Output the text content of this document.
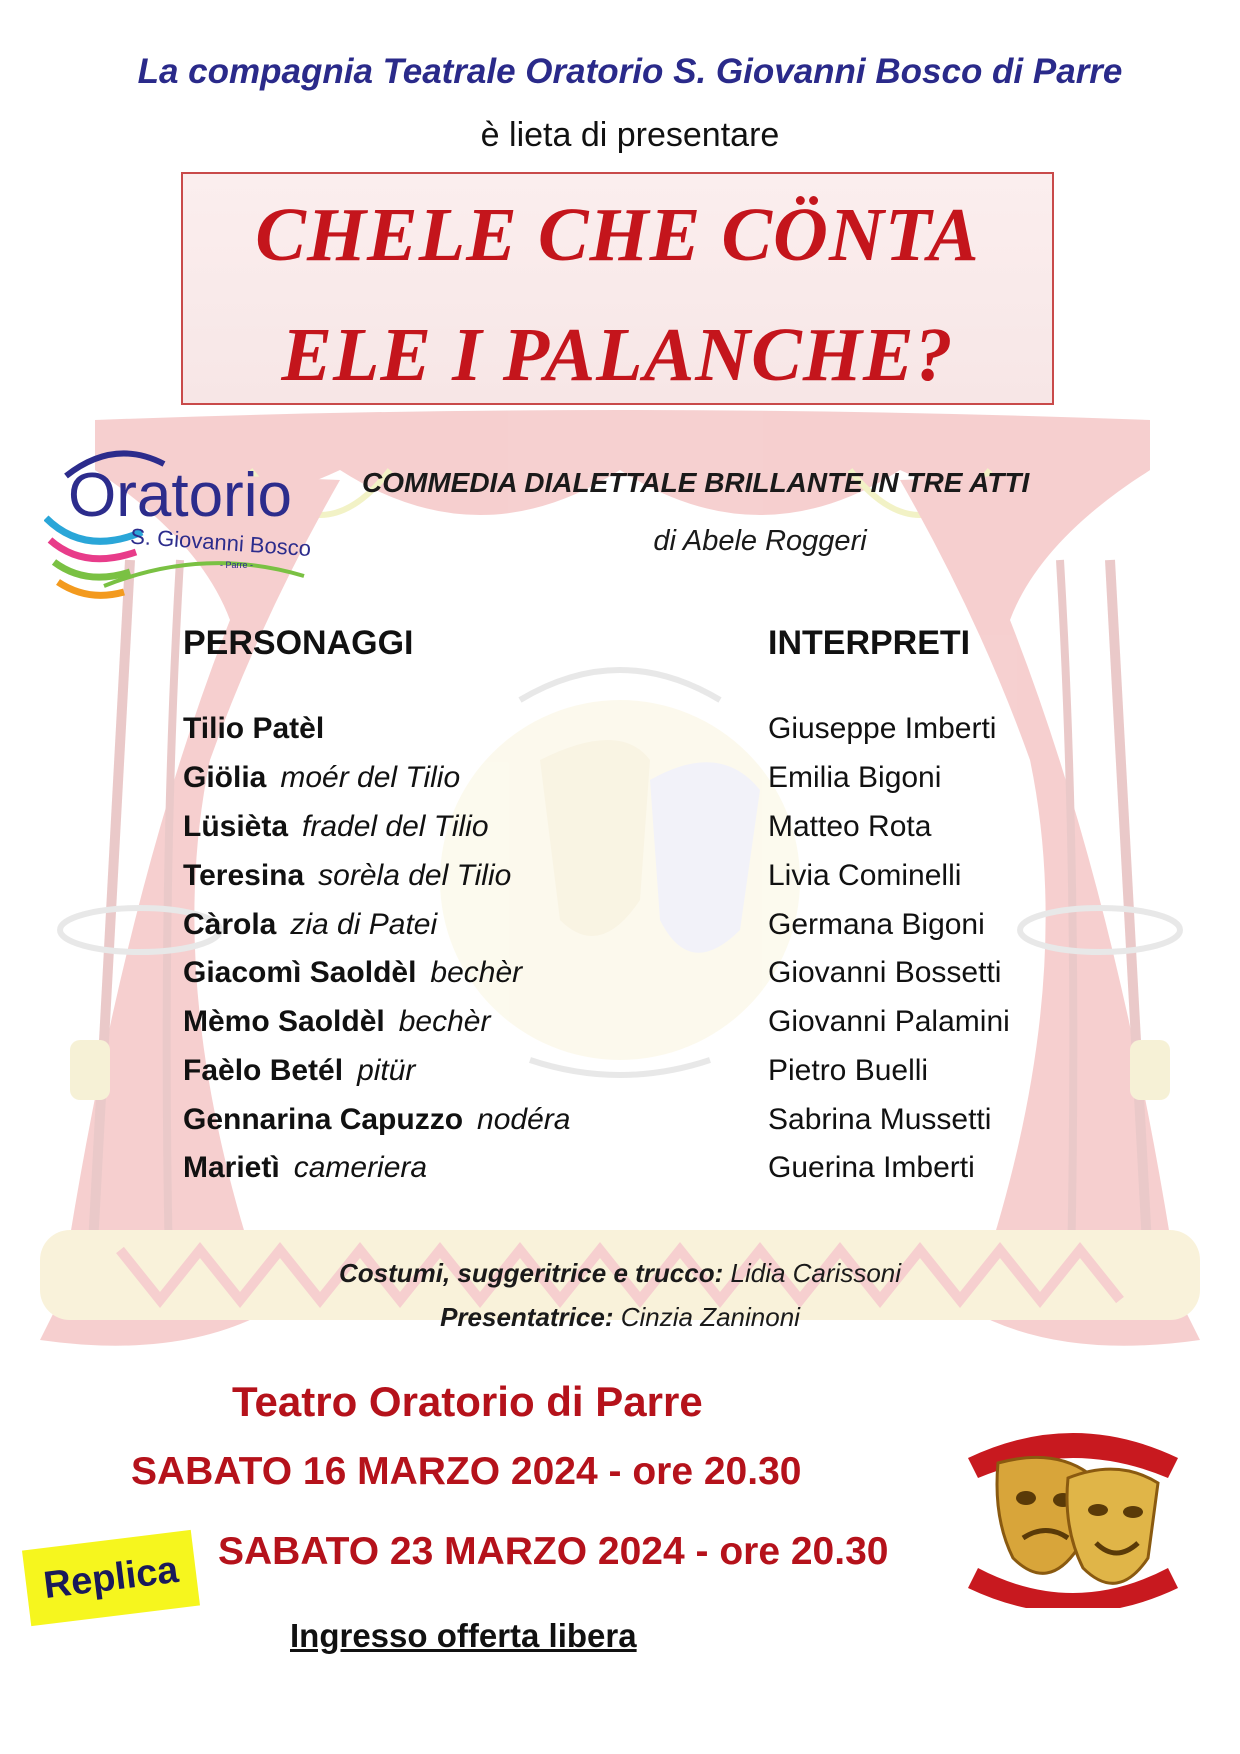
La compagnia Teatrale Oratorio S. Giovanni Bosco di Parre
è lieta di presentare
CHELE CHE CÖNTA
ELE I PALANCHE?
Oratorio
S. Giovanni Bosco
- Parre -
COMMEDIA DIALETTALE BRILLANTE IN TRE ATTI
di Abele Roggeri
PERSONAGGI	INTERPRETI
Tilio Patèl	Giuseppe Imberti
Giölia moér del Tilio	Emilia Bigoni
Lüsièta fradel del Tilio	Matteo Rota
Teresina sorèla del Tilio	Livia Cominelli
Càrola zia di Patei	Germana Bigoni
Giacomì Saoldèl bechèr	Giovanni Bossetti
Mèmo Saoldèl bechèr	Giovanni Palamini
Faèlo Betél pitür	Pietro Buelli
Gennarina Capuzzo nodéra	Sabrina Mussetti
Marietì cameriera	Guerina Imberti
Costumi, suggeritrice e trucco: Lidia Carissoni
Presentatrice: Cinzia Zaninoni
Teatro Oratorio di Parre
SABATO 16 MARZO 2024 - ore 20.30
Replica SABATO 23 MARZO 2024 - ore 20.30
Ingresso offerta libera
